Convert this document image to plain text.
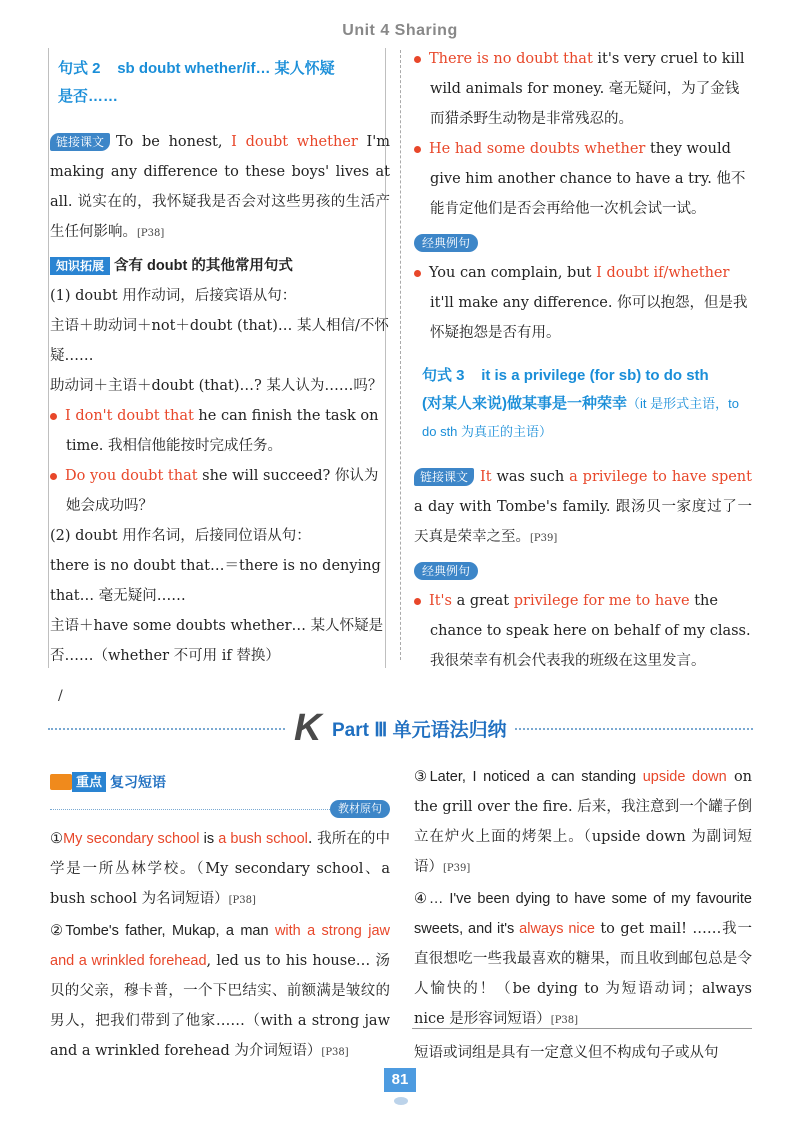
Unit 4 Sharing
句式 2 sb doubt whether/if… 某人怀疑
是否……

链接课文 To be honest, I doubt whether I'm making any difference to these boys' lives at all. 说实在的，我怀疑我是否会对这些男孩的生活产生任何影响。[P38]

知识拓展 含有 doubt 的其他常用句式

(1) doubt 用作动词，后接宾语从句：

主语＋助动词＋not＋doubt (that)… 某人相信/不怀疑……

助动词＋主语＋doubt (that)…? 某人认为……吗？

I don't doubt that he can finish the task on time. 我相信他能按时完成任务。

Do you doubt that she will succeed? 你认为她会成功吗？

(2) doubt 用作名词，后接同位语从句：

there is no doubt that…＝there is no denying that… 毫无疑问……

主语＋have some doubts whether… 某人怀疑是否……（whether 不可用 if 替换）

There is no doubt that it's very cruel to kill wild animals for money. 毫无疑问，为了金钱而猎杀野生动物是非常残忍的。

He had some doubts whether they would give him another chance to have a try. 他不能肯定他们是否会再给他一次机会试一试。

经典例句

You can complain, but I doubt if/whether it'll make any difference. 你可以抱怨，但是我怀疑抱怨是否有用。

句式 3 it is a privilege (for sb) to do sth
(对某人来说)做某事是一种荣幸（it 是形式主语，to do sth 为真正的主语）

链接课文 It was such a privilege to have spent a day with Tombe's family. 跟汤贝一家度过了一天真是荣幸之至。[P39]

经典例句

It's a great privilege for me to have the chance to speak here on behalf of my class. 我很荣幸有机会代表我的班级在这里发言。

/
K Part Ⅲ 单元语法归纳
重点 复习短语
教材原句

①My secondary school is a bush school. 我所在的中学是一所丛林学校。（My secondary school、a bush school 为名词短语）[P38]

②Tombe's father, Mukap, a man with a strong jaw and a wrinkled forehead, led us to his house… 汤贝的父亲，穆卡普，一个下巴结实、前额满是皱纹的男人，把我们带到了他家……（with a strong jaw and a wrinkled forehead 为介词短语）[P38]

③Later, I noticed a can standing upside down on the grill over the fire. 后来，我注意到一个罐子倒立在炉火上面的烤架上。（upside down 为副词短语）[P39]

④… I've been dying to have some of my favourite sweets, and it's always nice to get mail! ……我一直很想吃一些我最喜欢的糖果，而且收到邮包总是令人愉快的！（be dying to 为短语动词；always nice 是形容词短语）[P38]

短语或词组是具有一定意义但不构成句子或从句
81
